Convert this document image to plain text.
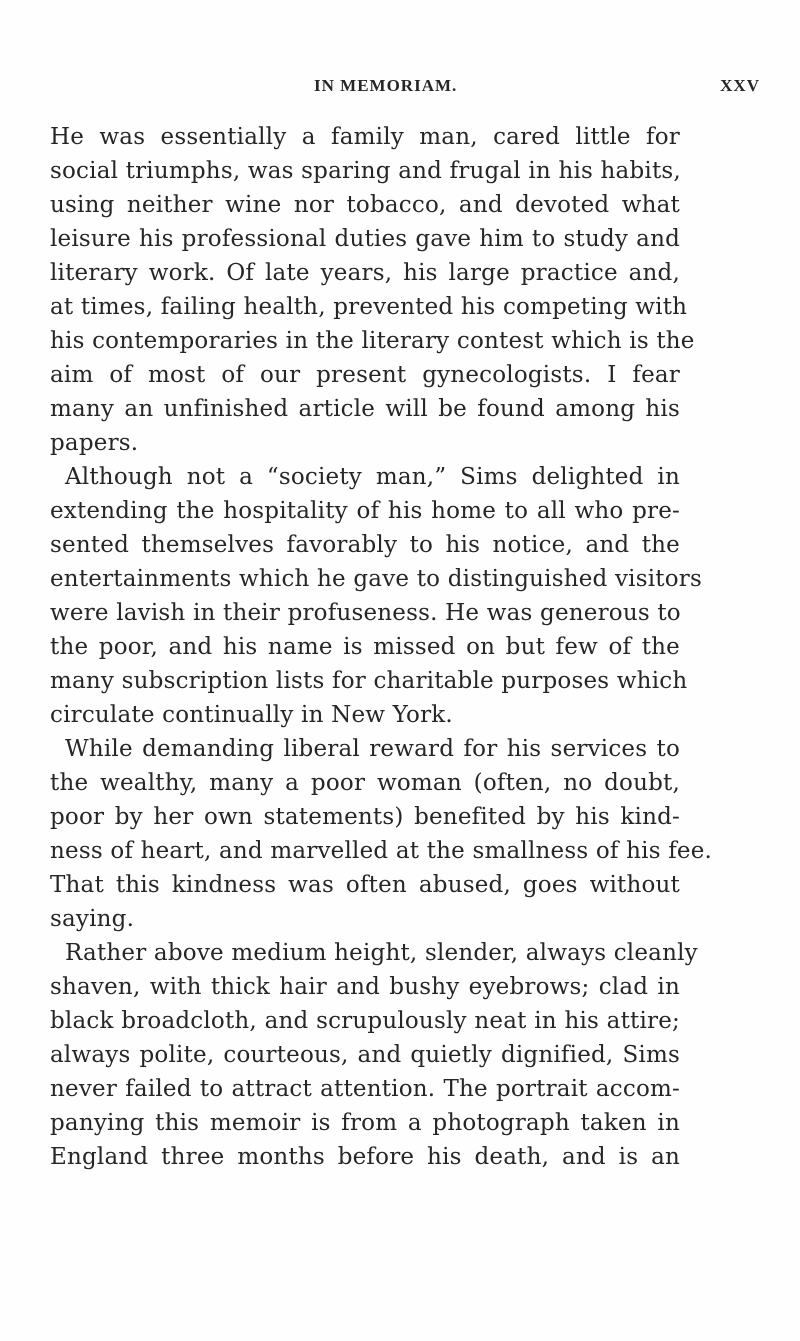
IN MEMORIAM.	XXV
He was essentially a family man, cared little for
social triumphs, was sparing and frugal in his habits,
using neither wine nor tobacco, and devoted what
leisure his professional duties gave him to study and
literary work. Of late years, his large practice and,
at times, failing health, prevented his competing with
his contemporaries in the literary contest which is the
aim of most of our present gynecologists. I fear
many an unfinished article will be found among his
papers.
Although not a “society man,” Sims delighted in
extending the hospitality of his home to all who pre-
sented themselves favorably to his notice, and the
entertainments which he gave to distinguished visitors
were lavish in their profuseness. He was generous to
the poor, and his name is missed on but few of the
many subscription lists for charitable purposes which
circulate continually in New York.
While demanding liberal reward for his services to
the wealthy, many a poor woman (often, no doubt,
poor by her own statements) benefited by his kind-
ness of heart, and marvelled at the smallness of his fee.
That this kindness was often abused, goes without
saying.
Rather above medium height, slender, always cleanly
shaven, with thick hair and bushy eyebrows; clad in
black broadcloth, and scrupulously neat in his attire;
always polite, courteous, and quietly dignified, Sims
never failed to attract attention. The portrait accom-
panying this memoir is from a photograph taken in
England three months before his death, and is an
